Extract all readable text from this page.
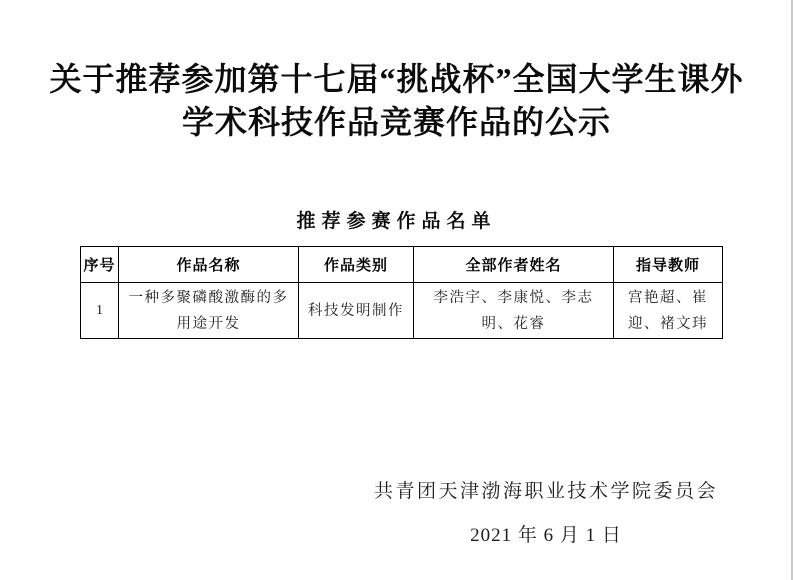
关于推荐参加第十七届“挑战杯”全国大学生课外
学术科技作品竞赛作品的公示
推荐参赛作品名单
序号	作品名称	作品类别	全部作者姓名	指导教师
1	一种多聚磷酸激酶的多用途开发	科技发明制作	李浩宇、李康悦、李志明、花睿	宫艳超、崔迎、褚文玮
共青团天津渤海职业技术学院委员会
2021 年 6 月 1 日
